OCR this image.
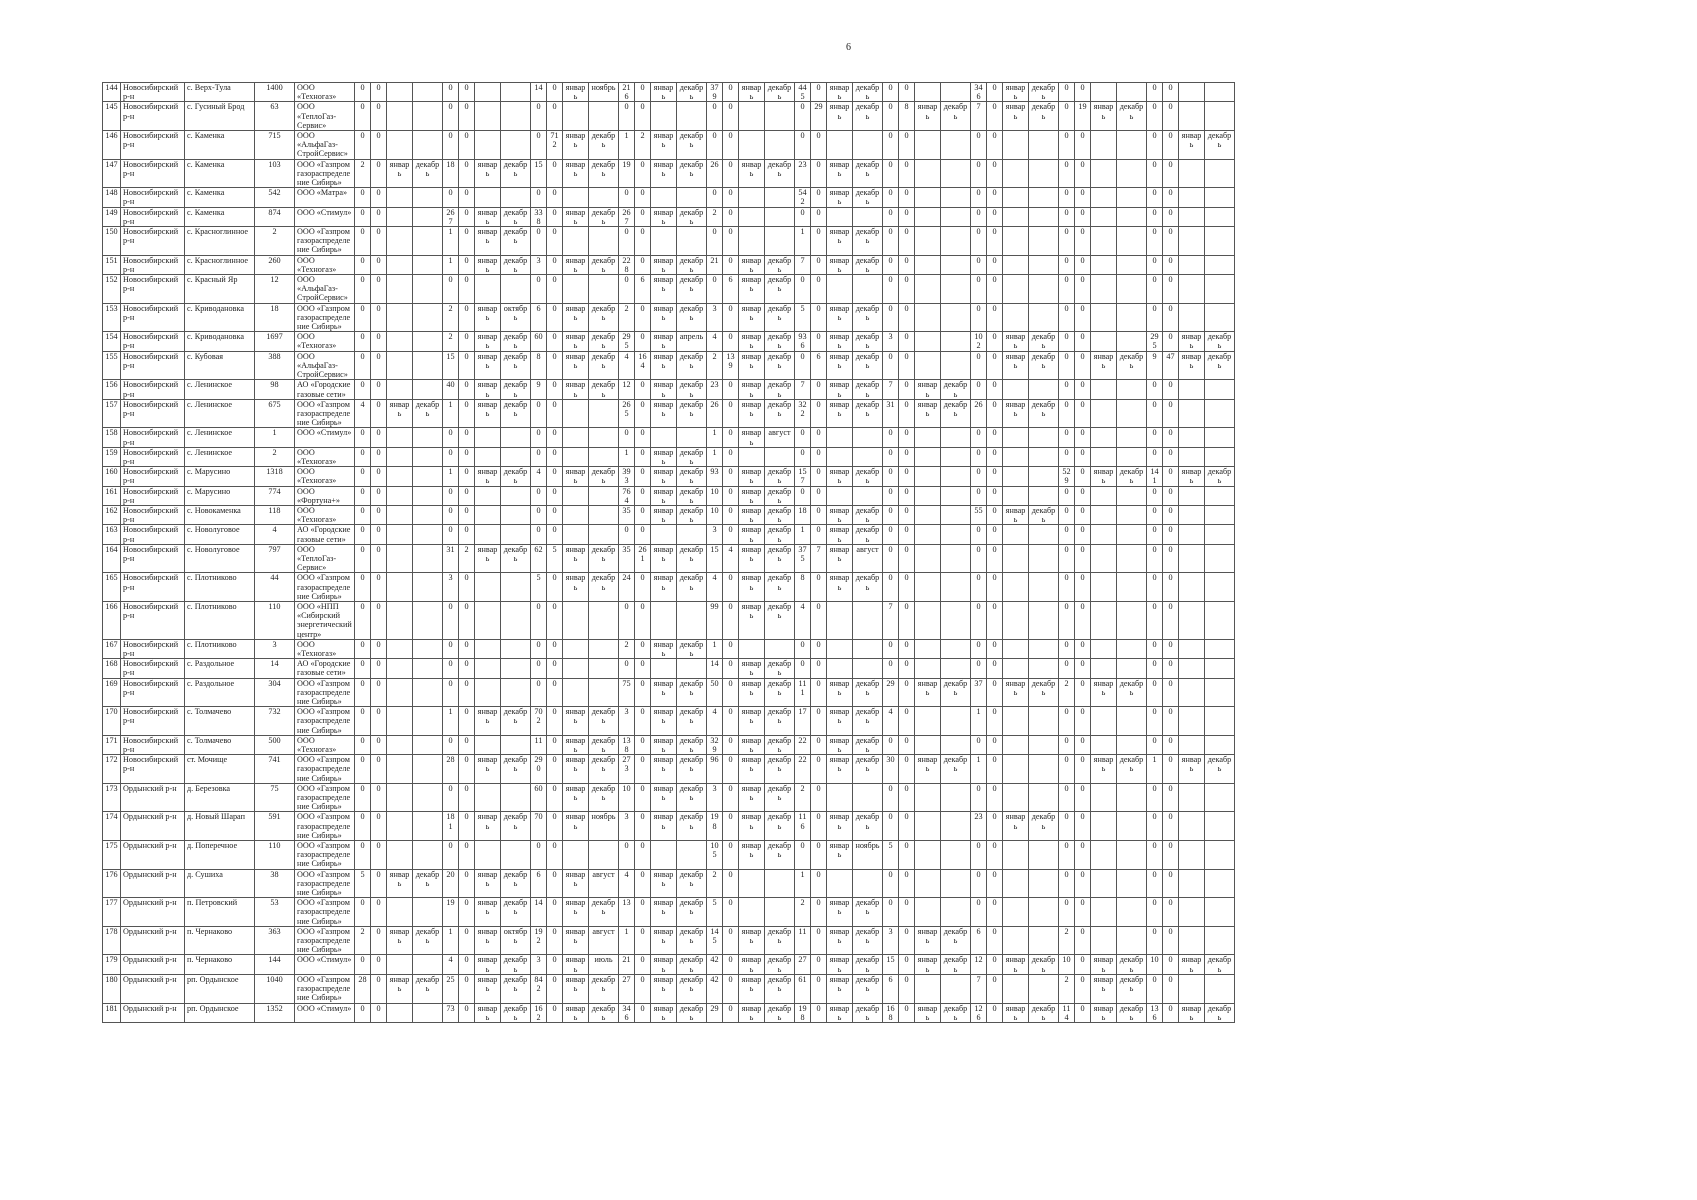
6
144	Новосибирский р-н	с. Верх-Тула	1400	ООО «Техногаз»	0	0			0	0			14	0	январь	ноябрь	216	0	январь	декабрь	379	0	январь	декабрь	445	0	январь	декабрь	0	0			346	0	январь	декабрь	0	0			0	0		
145	Новосибирский р-н	с. Гусиный Брод	63	ООО «ТеплоГаз-Сервис»	0	0			0	0			0	0			0	0			0	0			0	29	январь	декабрь	0	8	январь	декабрь	7	0	январь	декабрь	0	19	январь	декабрь	0	0		
146	Новосибирский р-н	с. Каменка	715	ООО «АльфаГаз-СтройСервис»	0	0			0	0			0	712	январь	декабрь	1	2	январь	декабрь	0	0			0	0			0	0			0	0			0	0			0	0	январь	декабрь
147	Новосибирский р-н	с. Каменка	103	ООО «Газпром газораспределение Сибирь»	2	0	январь	декабрь	18	0	январь	декабрь	15	0	январь	декабрь	19	0	январь	декабрь	26	0	январь	декабрь	23	0	январь	декабрь	0	0			0	0			0	0			0	0		
148	Новосибирский р-н	с. Каменка	542	ООО «Матра»	0	0			0	0			0	0			0	0			0	0			542	0	январь	декабрь	0	0			0	0			0	0			0	0		
149	Новосибирский р-н	с. Каменка	874	ООО «Стимул»	0	0			267	0	январь	декабрь	338	0	январь	декабрь	267	0	январь	декабрь	2	0			0	0			0	0			0	0			0	0			0	0		
150	Новосибирский р-н	с. Красноглинное	2	ООО «Газпром газораспределение Сибирь»	0	0			1	0	январь	декабрь	0	0			0	0			0	0			1	0	январь	декабрь	0	0			0	0			0	0			0	0		
151	Новосибирский р-н	с. Красноглинное	260	ООО «Техногаз»	0	0			1	0	январь	декабрь	3	0	январь	декабрь	228	0	январь	декабрь	21	0	январь	декабрь	7	0	январь	декабрь	0	0			0	0			0	0			0	0		
152	Новосибирский р-н	с. Красный Яр	12	ООО «АльфаГаз-СтройСервис»	0	0			0	0			0	0			0	6	январь	декабрь	0	6	январь	декабрь	0	0			0	0			0	0			0	0			0	0		
153	Новосибирский р-н	с. Криводановка	18	ООО «Газпром газораспределение Сибирь»	0	0			2	0	январь	октябрь	6	0	январь	декабрь	2	0	январь	декабрь	3	0	январь	декабрь	5	0	январь	декабрь	0	0			0	0			0	0			0	0		
154	Новосибирский р-н	с. Криводановка	1697	ООО «Техногаз»	0	0			2	0	январь	декабрь	60	0	январь	декабрь	295	0	январь	апрель	4	0	январь	декабрь	936	0	январь	декабрь	3	0			102	0	январь	декабрь	0	0			295	0	январь	декабрь
155	Новосибирский р-н	с. Кубовая	388	ООО «АльфаГаз-СтройСервис»	0	0			15	0	январь	декабрь	8	0	январь	декабрь	4	164	январь	декабрь	2	139	январь	декабрь	0	6	январь	декабрь	0	0			0	0	январь	декабрь	0	0	январь	декабрь	9	47	январь	декабрь
156	Новосибирский р-н	с. Ленинское	98	АО «Городские газовые сети»	0	0			40	0	январь	декабрь	9	0	январь	декабрь	12	0	январь	декабрь	23	0	январь	декабрь	7	0	январь	декабрь	7	0	январь	декабрь	0	0			0	0			0	0		
157	Новосибирский р-н	с. Ленинское	675	ООО «Газпром газораспределение Сибирь»	4	0	январь	декабрь	1	0	январь	декабрь	0	0			265	0	январь	декабрь	26	0	январь	декабрь	322	0	январь	декабрь	31	0	январь	декабрь	26	0	январь	декабрь	0	0			0	0		
158	Новосибирский р-н	с. Ленинское	1	ООО «Стимул»	0	0			0	0			0	0			0	0			1	0	январь	август	0	0			0	0			0	0			0	0			0	0		
159	Новосибирский р-н	с. Ленинское	2	ООО «Техногаз»	0	0			0	0			0	0			1	0	январь	декабрь	1	0			0	0			0	0			0	0			0	0			0	0		
160	Новосибирский р-н	с. Марусино	1318	ООО «Техногаз»	0	0			1	0	январь	декабрь	4	0	январь	декабрь	393	0	январь	декабрь	93	0	январь	декабрь	157	0	январь	декабрь	0	0			0	0			529	0	январь	декабрь	141	0	январь	декабрь
161	Новосибирский р-н	с. Марусино	774	ООО «Фортуна+»	0	0			0	0			0	0			764	0	январь	декабрь	10	0	январь	декабрь	0	0			0	0			0	0			0	0			0	0		
162	Новосибирский р-н	с. Новокаменка	118	ООО «Техногаз»	0	0			0	0			0	0			35	0	январь	декабрь	10	0	январь	декабрь	18	0	январь	декабрь	0	0			55	0	январь	декабрь	0	0			0	0		
163	Новосибирский р-н	с. Новолуговое	4	АО «Городские газовые сети»	0	0			0	0			0	0			0	0			3	0	январь	декабрь	1	0	январь	декабрь	0	0			0	0			0	0			0	0		
164	Новосибирский р-н	с. Новолуговое	797	ООО «ТеплоГаз-Сервис»	0	0			31	2	январь	декабрь	62	5	январь	декабрь	35	261	январь	декабрь	15	4	январь	декабрь	375	7	январь	август	0	0			0	0			0	0			0	0		
165	Новосибирский р-н	с. Плотниково	44	ООО «Газпром газораспределение Сибирь»	0	0			3	0			5	0	январь	декабрь	24	0	январь	декабрь	4	0	январь	декабрь	8	0	январь	декабрь	0	0			0	0			0	0			0	0		
166	Новосибирский р-н	с. Плотниково	110	ООО «НПП «Сибирский энергетический центр»	0	0			0	0			0	0			0	0			99	0	январь	декабрь	4	0			7	0			0	0			0	0			0	0		
167	Новосибирский р-н	с. Плотниково	3	ООО «Техногаз»	0	0			0	0			0	0			2	0	январь	декабрь	1	0			0	0			0	0			0	0			0	0			0	0		
168	Новосибирский р-н	с. Раздольное	14	АО «Городские газовые сети»	0	0			0	0			0	0			0	0			14	0	январь	декабрь	0	0			0	0			0	0			0	0			0	0		
169	Новосибирский р-н	с. Раздольное	304	ООО «Газпром газораспределение Сибирь»	0	0			0	0			0	0			75	0	январь	декабрь	50	0	январь	декабрь	111	0	январь	декабрь	29	0	январь	декабрь	37	0	январь	декабрь	2	0	январь	декабрь	0	0		
170	Новосибирский р-н	с. Толмачево	732	ООО «Газпром газораспределение Сибирь»	0	0			1	0	январь	декабрь	702	0	январь	декабрь	3	0	январь	декабрь	4	0	январь	декабрь	17	0	январь	декабрь	4	0			1	0			0	0			0	0		
171	Новосибирский р-н	с. Толмачево	500	ООО «Техногаз»	0	0			0	0			11	0	январь	декабрь	138	0	январь	декабрь	329	0	январь	декабрь	22	0	январь	декабрь	0	0			0	0			0	0			0	0		
172	Новосибирский р-н	ст. Мочище	741	ООО «Газпром газораспределение Сибирь»	0	0			28	0	январь	декабрь	290	0	январь	декабрь	273	0	январь	декабрь	96	0	январь	декабрь	22	0	январь	декабрь	30	0	январь	декабрь	1	0			0	0	январь	декабрь	1	0	январь	декабрь
173	Ордынский р-н	д. Березовка	75	ООО «Газпром газораспределение Сибирь»	0	0			0	0			60	0	январь	декабрь	10	0	январь	декабрь	3	0	январь	декабрь	2	0			0	0			0	0			0	0			0	0		
174	Ордынский р-н	д. Новый Шарап	591	ООО «Газпром газораспределение Сибирь»	0	0			181	0	январь	декабрь	70	0	январь	ноябрь	3	0	январь	декабрь	198	0	январь	декабрь	116	0	январь	декабрь	0	0			23	0	январь	декабрь	0	0			0	0		
175	Ордынский р-н	д. Поперечное	110	ООО «Газпром газораспределение Сибирь»	0	0			0	0			0	0			0	0			105	0	январь	декабрь	0	0	январь	ноябрь	5	0			0	0			0	0			0	0		
176	Ордынский р-н	д. Сушиха	38	ООО «Газпром газораспределение Сибирь»	5	0	январь	декабрь	20	0	январь	декабрь	6	0	январь	август	4	0	январь	декабрь	2	0			1	0			0	0			0	0			0	0			0	0		
177	Ордынский р-н	п. Петровский	53	ООО «Газпром газораспределение Сибирь»	0	0			19	0	январь	декабрь	14	0	январь	декабрь	13	0	январь	декабрь	5	0			2	0	январь	декабрь	0	0			0	0			0	0			0	0		
178	Ордынский р-н	п. Чернаково	363	ООО «Газпром газораспределение Сибирь»	2	0	январь	декабрь	1	0	январь	октябрь	192	0	январь	август	1	0	январь	декабрь	145	0	январь	декабрь	11	0	январь	декабрь	3	0	январь	декабрь	6	0			2	0			0	0		
179	Ордынский р-н	п. Чернаково	144	ООО «Стимул»	0	0			4	0	январь	декабрь	3	0	январь	июль	21	0	январь	декабрь	42	0	январь	декабрь	27	0	январь	декабрь	15	0	январь	декабрь	12	0	январь	декабрь	10	0	январь	декабрь	10	0	январь	декабрь
180	Ордынский р-н	рп. Ордынское	1040	ООО «Газпром газораспределение Сибирь»	28	0	январь	декабрь	25	0	январь	декабрь	842	0	январь	декабрь	27	0	январь	декабрь	42	0	январь	декабрь	61	0	январь	декабрь	6	0			7	0			2	0	январь	декабрь	0	0		
181	Ордынский р-н	рп. Ордынское	1352	ООО «Стимул»	0	0			73	0	январь	декабрь	162	0	январь	декабрь	346	0	январь	декабрь	29	0	январь	декабрь	198	0	январь	декабрь	168	0	январь	декабрь	126	0	январь	декабрь	114	0	январь	декабрь	136	0	январь	декабрь
